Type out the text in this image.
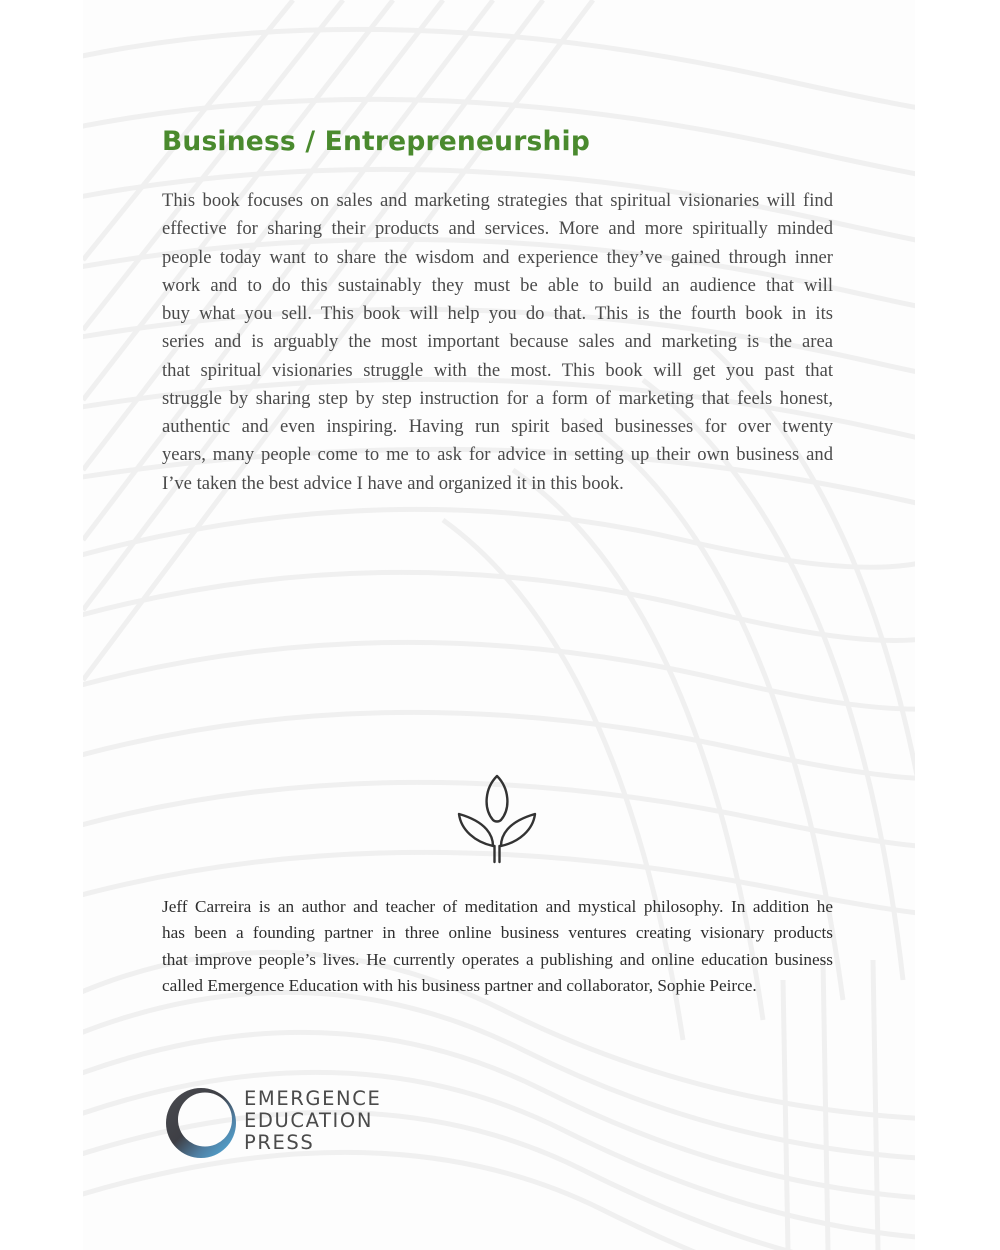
Business / Entrepreneurship
This book focuses on sales and marketing strategies that spiritual visionaries will find
effective for sharing their products and services. More and more spiritually minded
people today want to share the wisdom and experience they’ve gained through inner
work and to do this sustainably they must be able to build an audience that will
buy what you sell. This book will help you do that. This is the fourth book in its
series and is arguably the most important because sales and marketing is the area
that spiritual visionaries struggle with the most. This book will get you past that
struggle by sharing step by step instruction for a form of marketing that feels honest,
authentic and even inspiring. Having run spirit based businesses for over twenty
years, many people come to me to ask for advice in setting up their own business and
I’ve taken the best advice I have and organized it in this book.
Jeff Carreira is an author and teacher of meditation and mystical philosophy. In addition he
has been a founding partner in three online business ventures creating visionary products
that improve people’s lives. He currently operates a publishing and online education business
called Emergence Education with his business partner and collaborator, Sophie Peirce.
EMERGENCE
EDUCATION
PRESS
